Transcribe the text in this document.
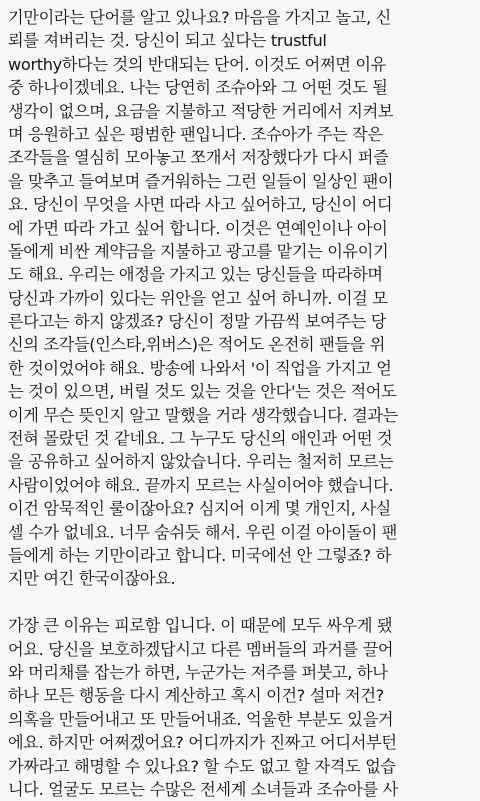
기만이라는 단어를 알고 있나요? 마음을 가지고 놀고, 신
뢰를 져버리는 것. 당신이 되고 싶다는 trustful
worthy하다는 것의 반대되는 단어. 이것도 어쩌면 이유
중 하나이겠네요. 나는 당연히 조슈아와 그 어떤 것도 될
생각이 없으며, 요금을 지불하고 적당한 거리에서 지켜보
며 응원하고 싶은 평범한 팬입니다. 조슈아가 주는 작은
조각들을 열심히 모아놓고 쪼개서 저장했다가 다시 퍼즐
을 맞추고 들여보며 즐거워하는 그런 일들이 일상인 팬이
요. 당신이 무엇을 사면 따라 사고 싶어하고, 당신이 어디
에 가면 따라 가고 싶어 합니다. 이것은 연예인이나 아이
돌에게 비싼 계약금을 지불하고 광고를 맡기는 이유이기
도 해요. 우리는 애정을 가지고 있는 당신들을 따라하며
당신과 가까이 있다는 위안을 얻고 싶어 하니까. 이걸 모
른다고는 하지 않겠죠? 당신이 정말 가끔씩 보여주는 당
신의 조각들(인스타,위버스)은 적어도 온전히 팬들을 위
한 것이었어야 해요. 방송에 나와서 '이 직업을 가지고 얻
는 것이 있으면, 버릴 것도 있는 것을 안다'는 것은 적어도
이게 무슨 뜻인지 알고 말했을 거라 생각했습니다. 결과는
전혀 몰랐던 것 같네요. 그 누구도 당신의 애인과 어떤 것
을 공유하고 싶어하지 않았습니다. 우리는 철저히 모르는
사람이었어야 해요. 끝까지 모르는 사실이어야 했습니다.
이건 암묵적인 룰이잖아요? 심지어 이게 몇 개인지, 사실
셀 수가 없네요. 너무 숨쉬듯 해서. 우린 이걸 아이돌이 팬
들에게 하는 기만이라고 합니다. 미국에선 안 그렇죠? 하
지만 여긴 한국이잖아요.
가장 큰 이유는 피로함 입니다. 이 때문에 모두 싸우게 됐
어요. 당신을 보호하겠답시고 다른 멤버들의 과거를 끌어
와 머리채를 잡는가 하면, 누군가는 저주를 퍼붓고, 하나
하나 모든 행동을 다시 계산하고 혹시 이건? 설마 저건?
의혹을 만들어내고 또 만들어내죠. 억울한 부분도 있을거
에요. 하지만 어쩌겠어요? 어디까지가 진짜고 어디서부턴
가짜라고 해명할 수 있나요? 할 수도 없고 할 자격도 없습
니다. 얼굴도 모르는 수많은 전세계 소녀들과 조슈아를 사
